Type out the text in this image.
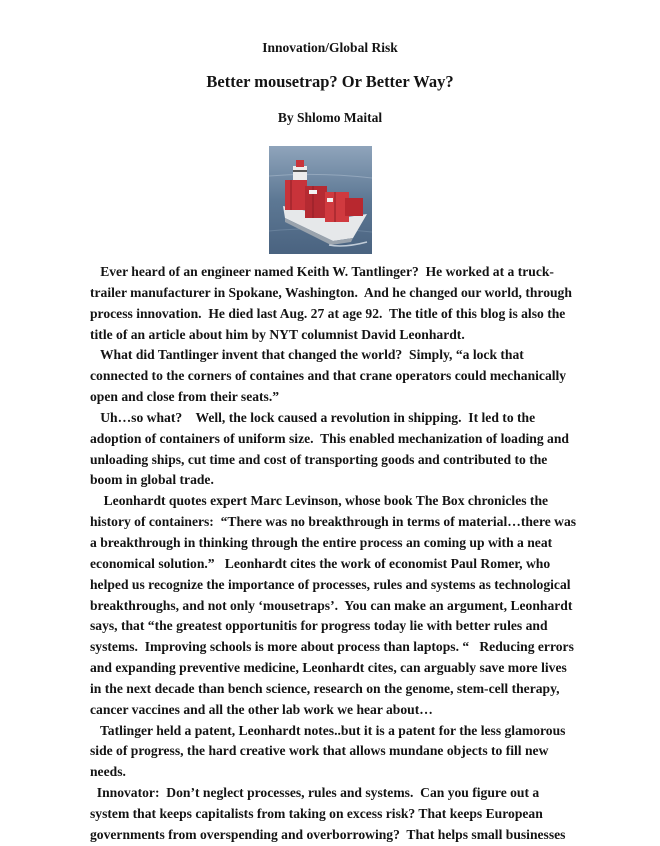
Innovation/Global Risk
Better mousetrap? Or Better Way?
By Shlomo Maital
Ever heard of an engineer named Keith W. Tantlinger?  He worked at a truck-
trailer manufacturer in Spokane, Washington.  And he changed our world, through
process innovation.  He died last Aug. 27 at age 92.  The title of this blog is also the
title of an article about him by NYT columnist David Leonhardt.
What did Tantlinger invent that changed the world?  Simply, “a lock that
connected to the corners of containes and that crane operators could mechanically
open and close from their seats.”
Uh…so what?    Well, the lock caused a revolution in shipping.  It led to the
adoption of containers of uniform size.  This enabled mechanization of loading and
unloading ships, cut time and cost of transporting goods and contributed to the
boom in global trade.
Leonhardt quotes expert Marc Levinson, whose book The Box chronicles the
history of containers:  “There was no breakthrough in terms of material…there was
a breakthrough in thinking through the entire process an coming up with a neat
economical solution.”   Leonhardt cites the work of economist Paul Romer, who
helped us recognize the importance of processes, rules and systems as technological
breakthroughs, and not only ‘mousetraps’.  You can make an argument, Leonhardt
says, that “the greatest opportunitis for progress today lie with better rules and
systems.  Improving schools is more about process than laptops. “   Reducing errors
and expanding preventive medicine, Leonhardt cites, can arguably save more lives
in the next decade than bench science, research on the genome, stem-cell therapy,
cancer vaccines and all the other lab work we hear about…
Tatlinger held a patent, Leonhardt notes..but it is a patent for the less glamorous
side of progress, the hard creative work that allows mundane objects to fill new
needs.
Innovator:  Don’t neglect processes, rules and systems.  Can you figure out a
system that keeps capitalists from taking on excess risk? That keeps European
governments from overspending and overborrowing?  That helps small businesses
